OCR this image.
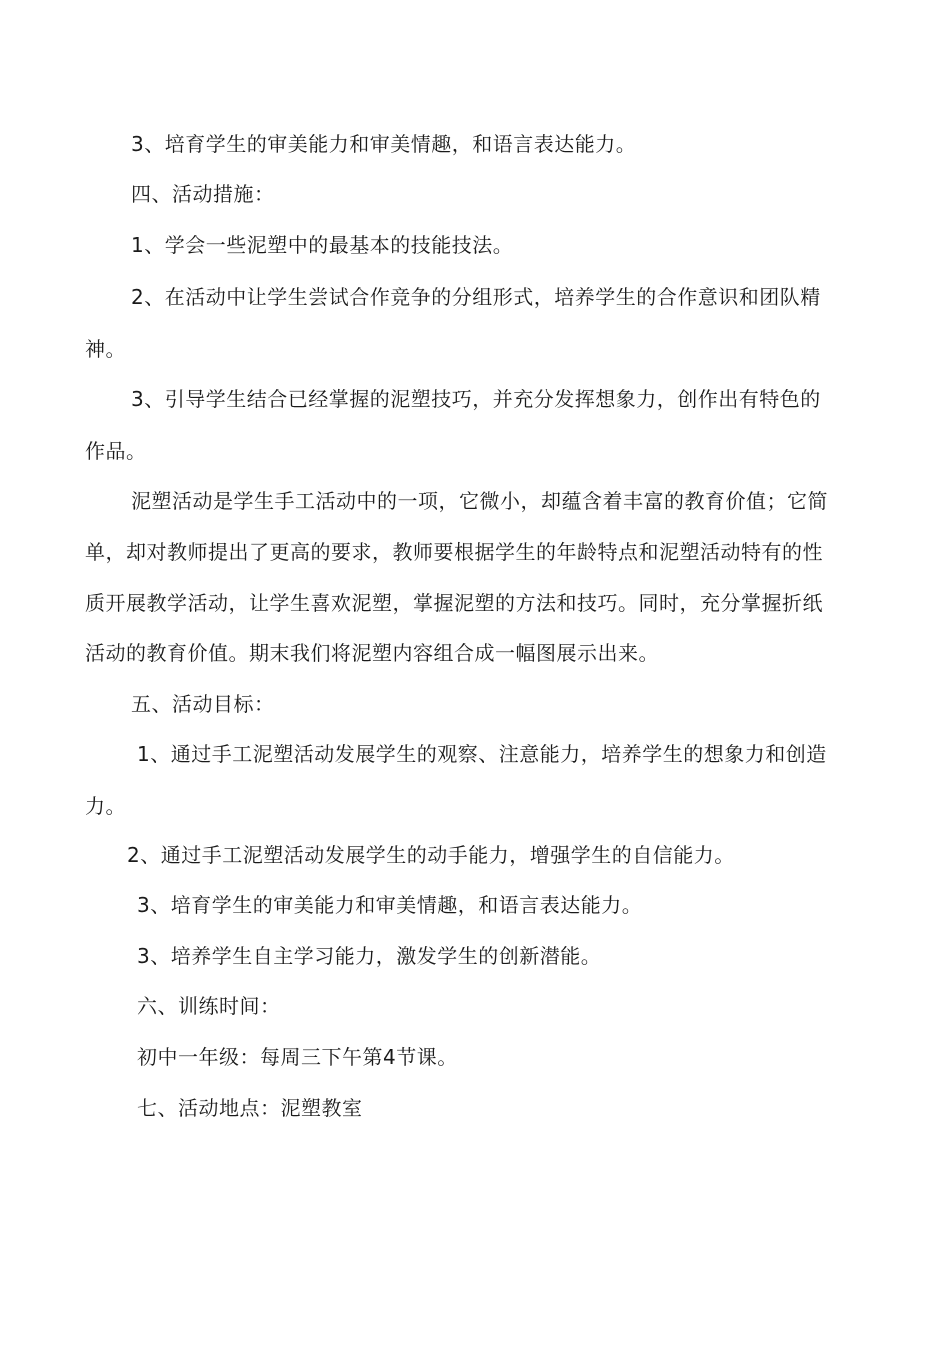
3、培育学生的审美能力和审美情趣，和语言表达能力。
四、活动措施：
1、学会一些泥塑中的最基本的技能技法。
2、在活动中让学生尝试合作竞争的分组形式，培养学生的合作意识和团队精
神。
3、引导学生结合已经掌握的泥塑技巧，并充分发挥想象力，创作出有特色的
作品。
泥塑活动是学生手工活动中的一项，它微小，却蕴含着丰富的教育价值；它简
单，却对教师提出了更高的要求，教师要根据学生的年龄特点和泥塑活动特有的性
质开展教学活动，让学生喜欢泥塑，掌握泥塑的方法和技巧。同时，充分掌握折纸
活动的教育价值。期末我们将泥塑内容组合成一幅图展示出来。
五、活动目标：
1、通过手工泥塑活动发展学生的观察、注意能力，培养学生的想象力和创造
力。
2、通过手工泥塑活动发展学生的动手能力，增强学生的自信能力。
3、培育学生的审美能力和审美情趣，和语言表达能力。
3、培养学生自主学习能力，激发学生的创新潜能。
六、训练时间：
初中一年级：每周三下午第4节课。
七、活动地点：泥塑教室
